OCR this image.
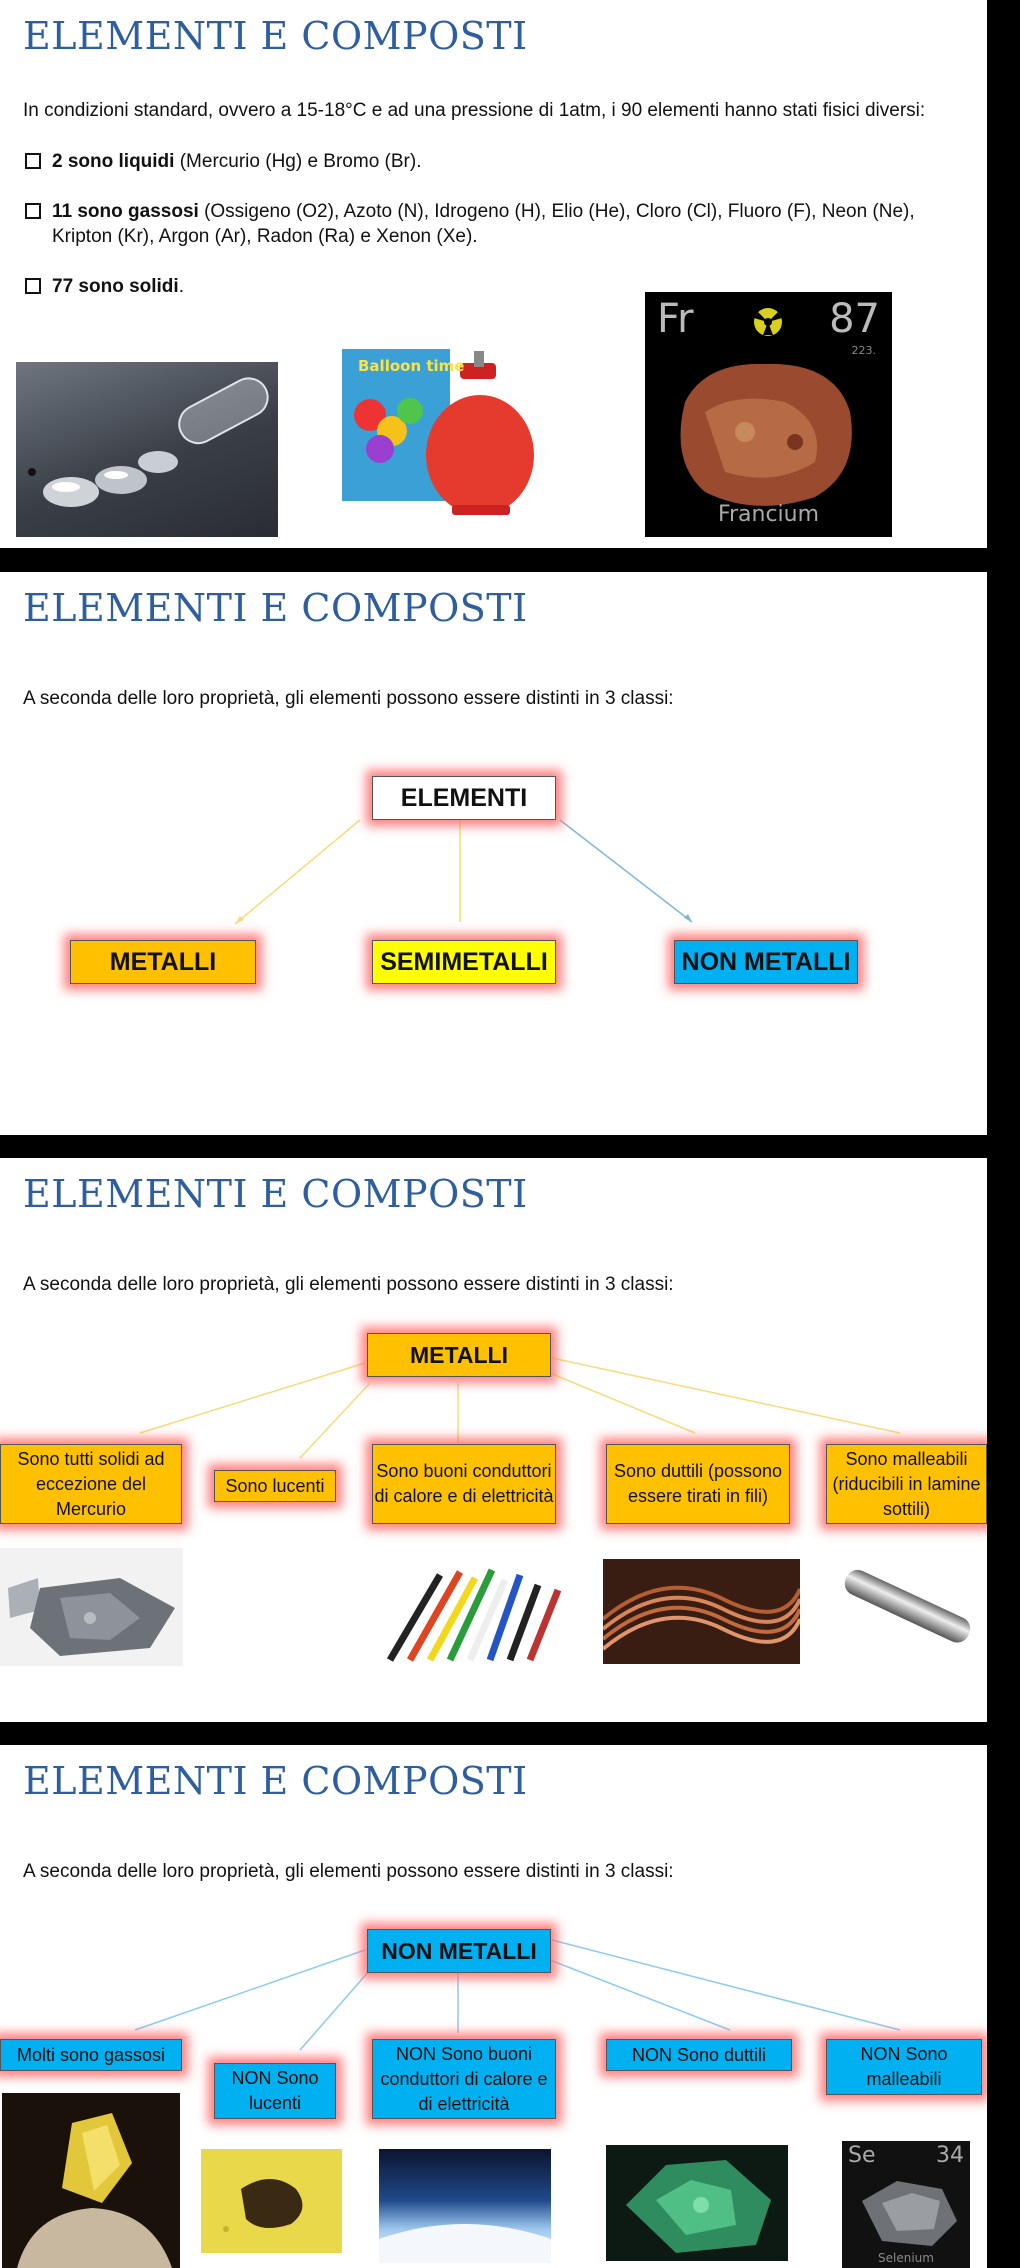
ELEMENTI E COMPOSTI
In condizioni standard, ovvero a 15-18°C e ad una pressione di 1atm, i 90 elementi hanno stati fisici diversi:
2 sono liquidi (Mercurio (Hg) e Bromo (Br).
11 sono gassosi (Ossigeno (O2), Azoto (N), Idrogeno (H), Elio (He), Cloro (Cl), Fluoro (F), Neon (Ne), Kripton (Kr), Argon (Ar), Radon (Ra) e Xenon (Xe).
77 sono solidi.
Balloon time
Fr	87
223.
Francium
ELEMENTI E COMPOSTI
A seconda delle loro proprietà, gli elementi possono essere distinti in 3 classi:
ELEMENTI
METALLI	SEMIMETALLI	NON METALLI
ELEMENTI E COMPOSTI
A seconda delle loro proprietà, gli elementi possono essere distinti in 3 classi:
METALLI
Sono tutti solidi ad eccezione del Mercurio
Sono lucenti
Sono buoni conduttori di calore e di elettricità
Sono duttili (possono essere tirati in fili)
Sono malleabili (riducibili in lamine sottili)
ELEMENTI E COMPOSTI
A seconda delle loro proprietà, gli elementi possono essere distinti in 3 classi:
NON METALLI
Molti sono gassosi
NON Sono lucenti
NON Sono buoni conduttori di calore e di elettricità
NON Sono duttili	NON Sono malleabili
Se	34
Selenium
